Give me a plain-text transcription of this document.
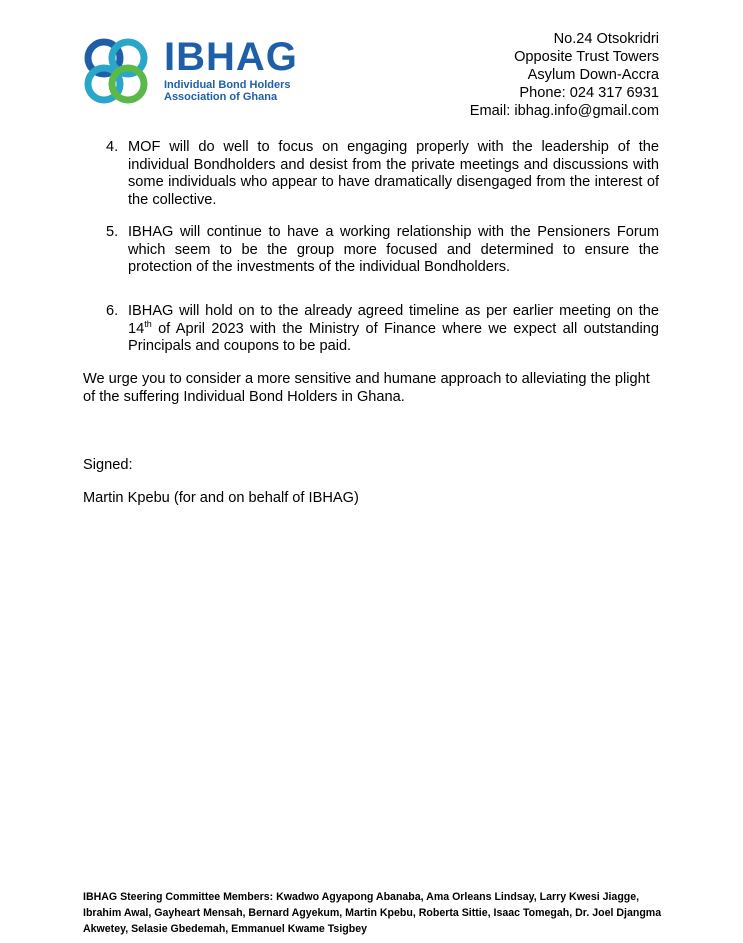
IBHAG
Individual Bond Holders
Association of Ghana
No.24 Otsokridri
Opposite Trust Towers
Asylum Down-Accra
Phone: 024 317 6931
Email: ibhag.info@gmail.com
4. MOF will do well to focus on engaging properly with the leadership of the individual Bondholders and desist from the private meetings and discussions with some individuals who appear to have dramatically disengaged from the interest of the collective.
5. IBHAG will continue to have a working relationship with the Pensioners Forum which seem to be the group more focused and determined to ensure the protection of the investments of the individual Bondholders.
6. IBHAG will hold on to the already agreed timeline as per earlier meeting on the 14th of April 2023 with the Ministry of Finance where we expect all outstanding Principals and coupons to be paid.
We urge you to consider a more sensitive and humane approach to alleviating the plight of the suffering Individual Bond Holders in Ghana.
Signed:
Martin Kpebu (for and on behalf of IBHAG)
IBHAG Steering Committee Members: Kwadwo Agyapong Abanaba, Ama Orleans Lindsay, Larry Kwesi Jiagge, Ibrahim Awal, Gayheart Mensah, Bernard Agyekum, Martin Kpebu, Roberta Sittie, Isaac Tomegah, Dr. Joel Djangma Akwetey, Selasie Gbedemah, Emmanuel Kwame Tsigbey
